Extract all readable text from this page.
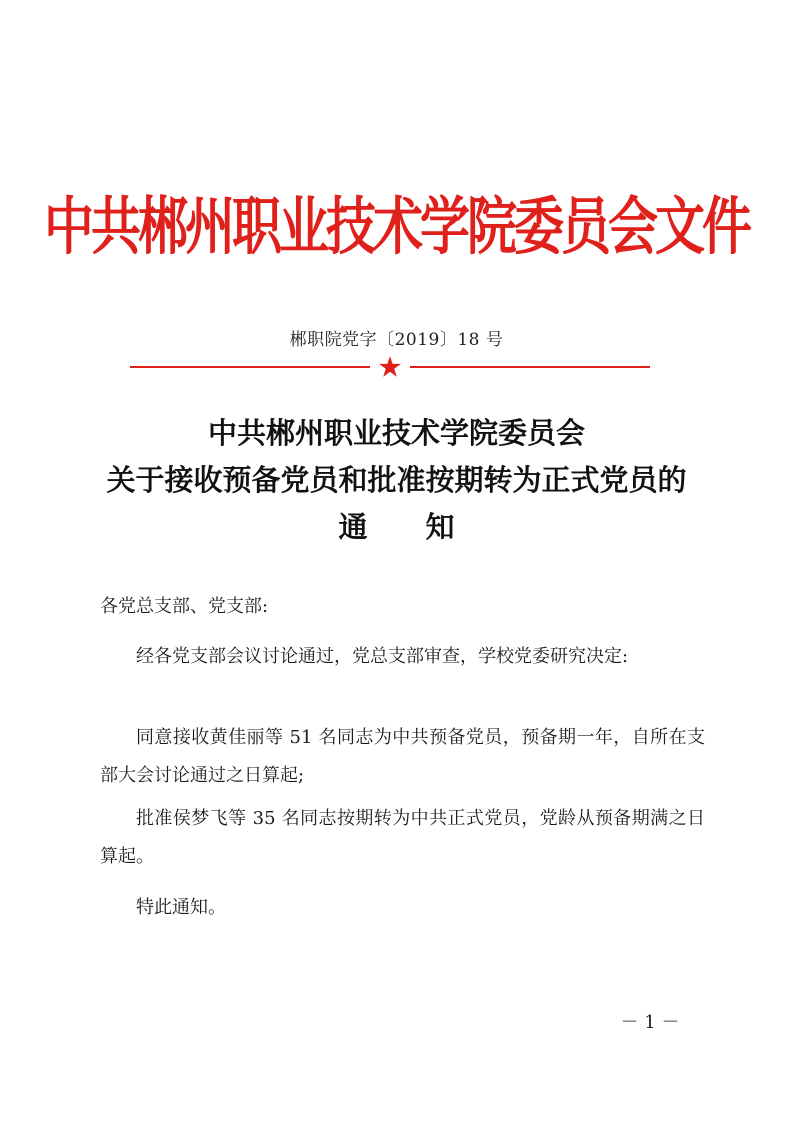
中共郴州职业技术学院委员会文件
郴职院党字〔2019〕18 号
中共郴州职业技术学院委员会
关于接收预备党员和批准按期转为正式党员的
通知
各党总支部、党支部:
经各党支部会议讨论通过，党总支部审查，学校党委研究决定:
同意接收黄佳丽等 51 名同志为中共预备党员，预备期一年，自所在支部大会讨论通过之日算起;
批准侯梦飞等 35 名同志按期转为中共正式党员，党龄从预备期满之日算起。
特此通知。
－ 1 －
